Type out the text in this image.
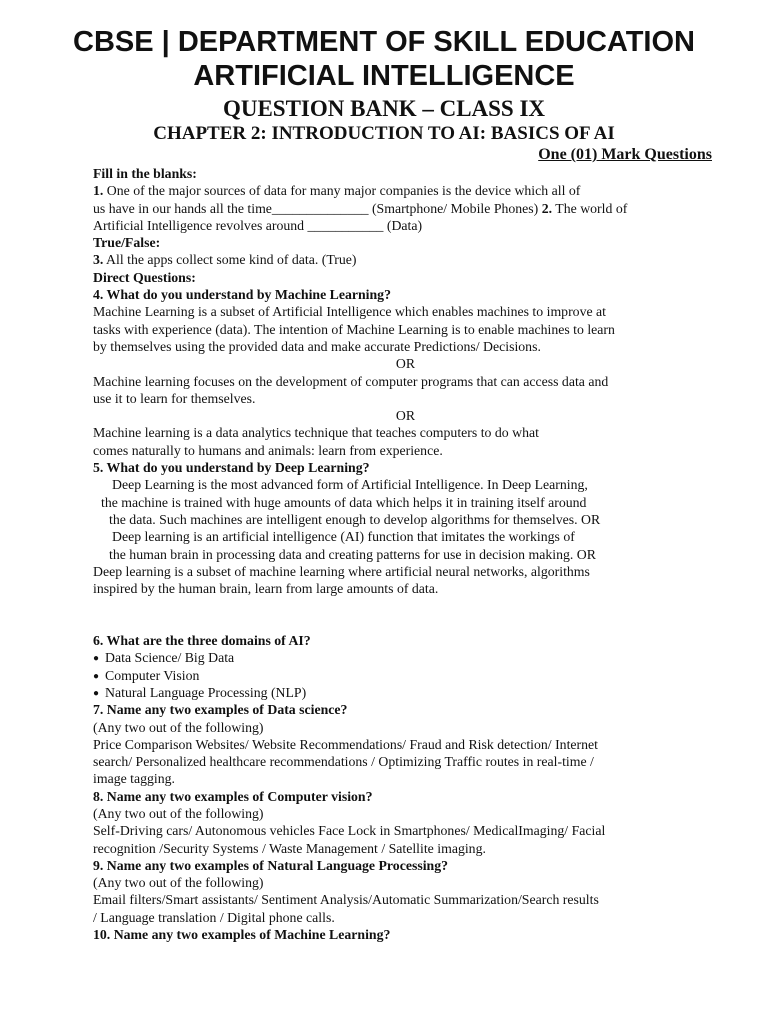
CBSE | DEPARTMENT OF SKILL EDUCATION
ARTIFICIAL INTELLIGENCE
QUESTION BANK – CLASS IX
CHAPTER 2: INTRODUCTION TO AI: BASICS OF AI
One (01) Mark Questions
Fill in the blanks:
1. One of the major sources of data for many major companies is the device which all of
us have in our hands all the time______________ (Smartphone/ Mobile Phones) 2. The world of
Artificial Intelligence revolves around ___________ (Data)
True/False:
3. All the apps collect some kind of data. (True)
Direct Questions:
4. What do you understand by Machine Learning?
Machine Learning is a subset of Artificial Intelligence which enables machines to improve at
tasks with experience (data). The intention of Machine Learning is to enable machines to learn
by themselves using the provided data and make accurate Predictions/ Decisions.
OR
Machine learning focuses on the development of computer programs that can access data and
use it to learn for themselves.
OR
Machine learning is a data analytics technique that teaches computers to do what
comes naturally to humans and animals: learn from experience.
5. What do you understand by Deep Learning?
Deep Learning is the most advanced form of Artificial Intelligence. In Deep Learning,
the machine is trained with huge amounts of data which helps it in training itself around
the data. Such machines are intelligent enough to develop algorithms for themselves. OR
Deep learning is an artificial intelligence (AI) function that imitates the workings of
the human brain in processing data and creating patterns for use in decision making. OR
Deep learning is a subset of machine learning where artificial neural networks, algorithms
inspired by the human brain, learn from large amounts of data.
6. What are the three domains of AI?
● Data Science/ Big Data
● Computer Vision
● Natural Language Processing (NLP)
7. Name any two examples of Data science?
(Any two out of the following)
Price Comparison Websites/ Website Recommendations/ Fraud and Risk detection/ Internet
search/ Personalized healthcare recommendations / Optimizing Traffic routes in real-time /
image tagging.
8. Name any two examples of Computer vision?
(Any two out of the following)
Self-Driving cars/ Autonomous vehicles Face Lock in Smartphones/ MedicalImaging/ Facial
recognition /Security Systems / Waste Management / Satellite imaging.
9. Name any two examples of Natural Language Processing?
(Any two out of the following)
Email filters/Smart assistants/ Sentiment Analysis/Automatic Summarization/Search results
/ Language translation / Digital phone calls.
10. Name any two examples of Machine Learning?
